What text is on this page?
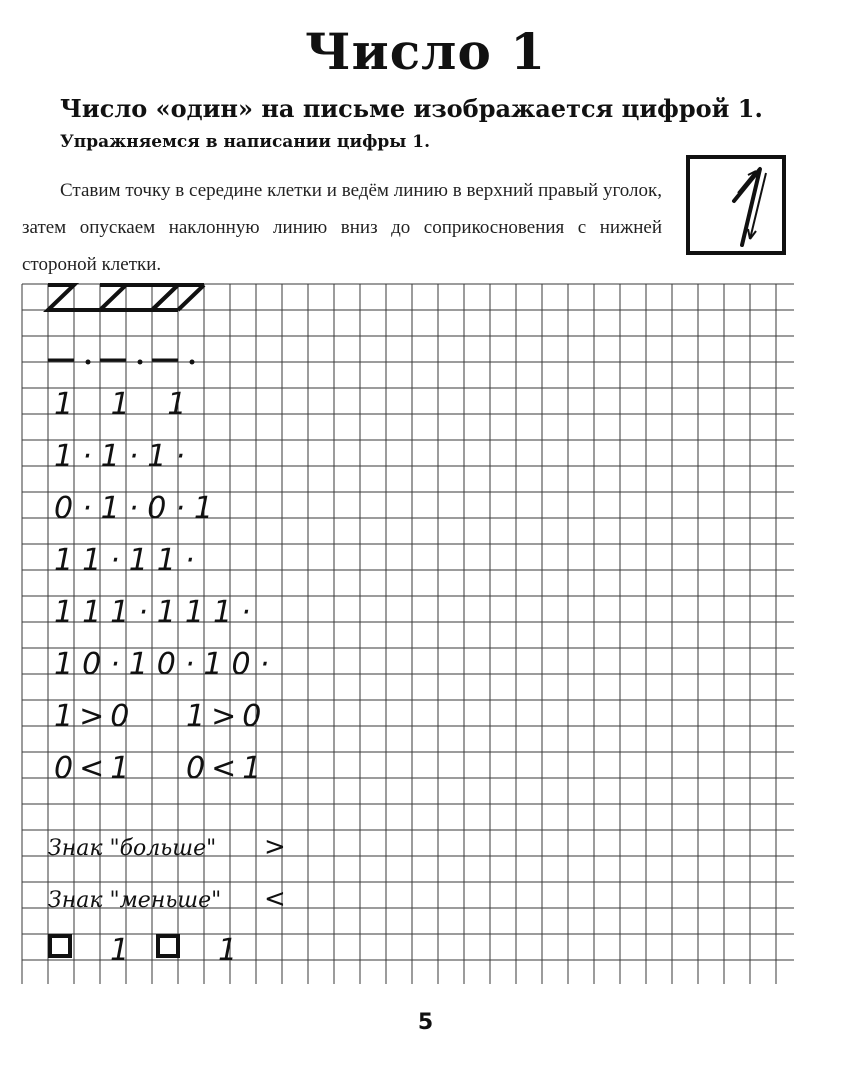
Число 1

Число «один» на письме изображается цифрой 1.

Упражняемся в написании цифры 1.

Ставим точку в середине клетки и ведём линию в верхний правый уголок, затем опускаем наклонную линию вниз до соприкосновения с нижней стороной клетки.

1 1 1
1·1·1·
0·1·0·1
11·11·
111·111·
10·10·10·
1>0 1>0
0<1 0<1
Знак "больше" >
Знак "меньше" <
1	1
5
